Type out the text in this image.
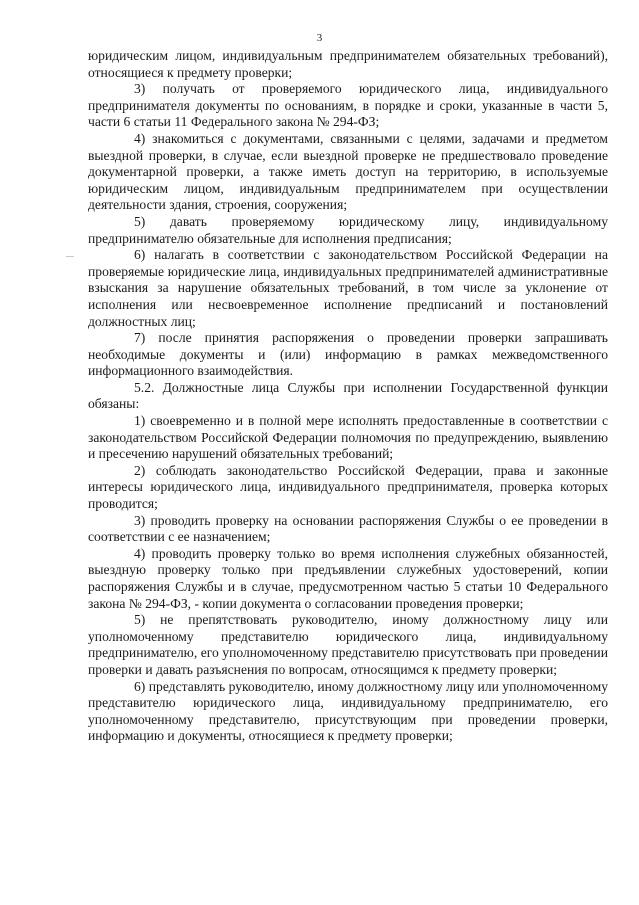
3

юридическим лицом, индивидуальным предпринимателем обязательных требований), относящиеся к предмету проверки;

3) получать от проверяемого юридического лица, индивидуального предпринимателя документы по основаниям, в порядке и сроки, указанные в части 5, части 6 статьи 11 Федерального закона № 294-ФЗ;

4) знакомиться с документами, связанными с целями, задачами и предметом выездной проверки, в случае, если выездной проверке не предшествовало проведение документарной проверки, а также иметь доступ на территорию, в используемые юридическим лицом, индивидуальным предпринимателем при осуществлении деятельности здания, строения, сооружения;

5) давать проверяемому юридическому лицу, индивидуальному предпринимателю обязательные для исполнения предписания;

6) налагать в соответствии с законодательством Российской Федерации на проверяемые юридические лица, индивидуальных предпринимателей административные взыскания за нарушение обязательных требований, в том числе за уклонение от исполнения или несвоевременное исполнение предписаний и постановлений должностных лиц;

7) после принятия распоряжения о проведении проверки запрашивать необходимые документы и (или) информацию в рамках межведомственного информационного взаимодействия.

5.2. Должностные лица Службы при исполнении Государственной функции обязаны:

1) своевременно и в полной мере исполнять предоставленные в соответствии с законодательством Российской Федерации полномочия по предупреждению, выявлению и пресечению нарушений обязательных требований;

2) соблюдать законодательство Российской Федерации, права и законные интересы юридического лица, индивидуального предпринимателя, проверка которых проводится;

3) проводить проверку на основании распоряжения Службы о ее проведении в соответствии с ее назначением;

4) проводить проверку только во время исполнения служебных обязанностей, выездную проверку только при предъявлении служебных удостоверений, копии распоряжения Службы и в случае, предусмотренном частью 5 статьи 10 Федерального закона № 294-ФЗ, - копии документа о согласовании проведения проверки;

5) не препятствовать руководителю, иному должностному лицу или уполномоченному представителю юридического лица, индивидуальному предпринимателю, его уполномоченному представителю присутствовать при проведении проверки и давать разъяснения по вопросам, относящимся к предмету проверки;

6) представлять руководителю, иному должностному лицу или уполномоченному представителю юридического лица, индивидуальному предпринимателю, его уполномоченному представителю, присутствующим при проведении проверки, информацию и документы, относящиеся к предмету проверки;
